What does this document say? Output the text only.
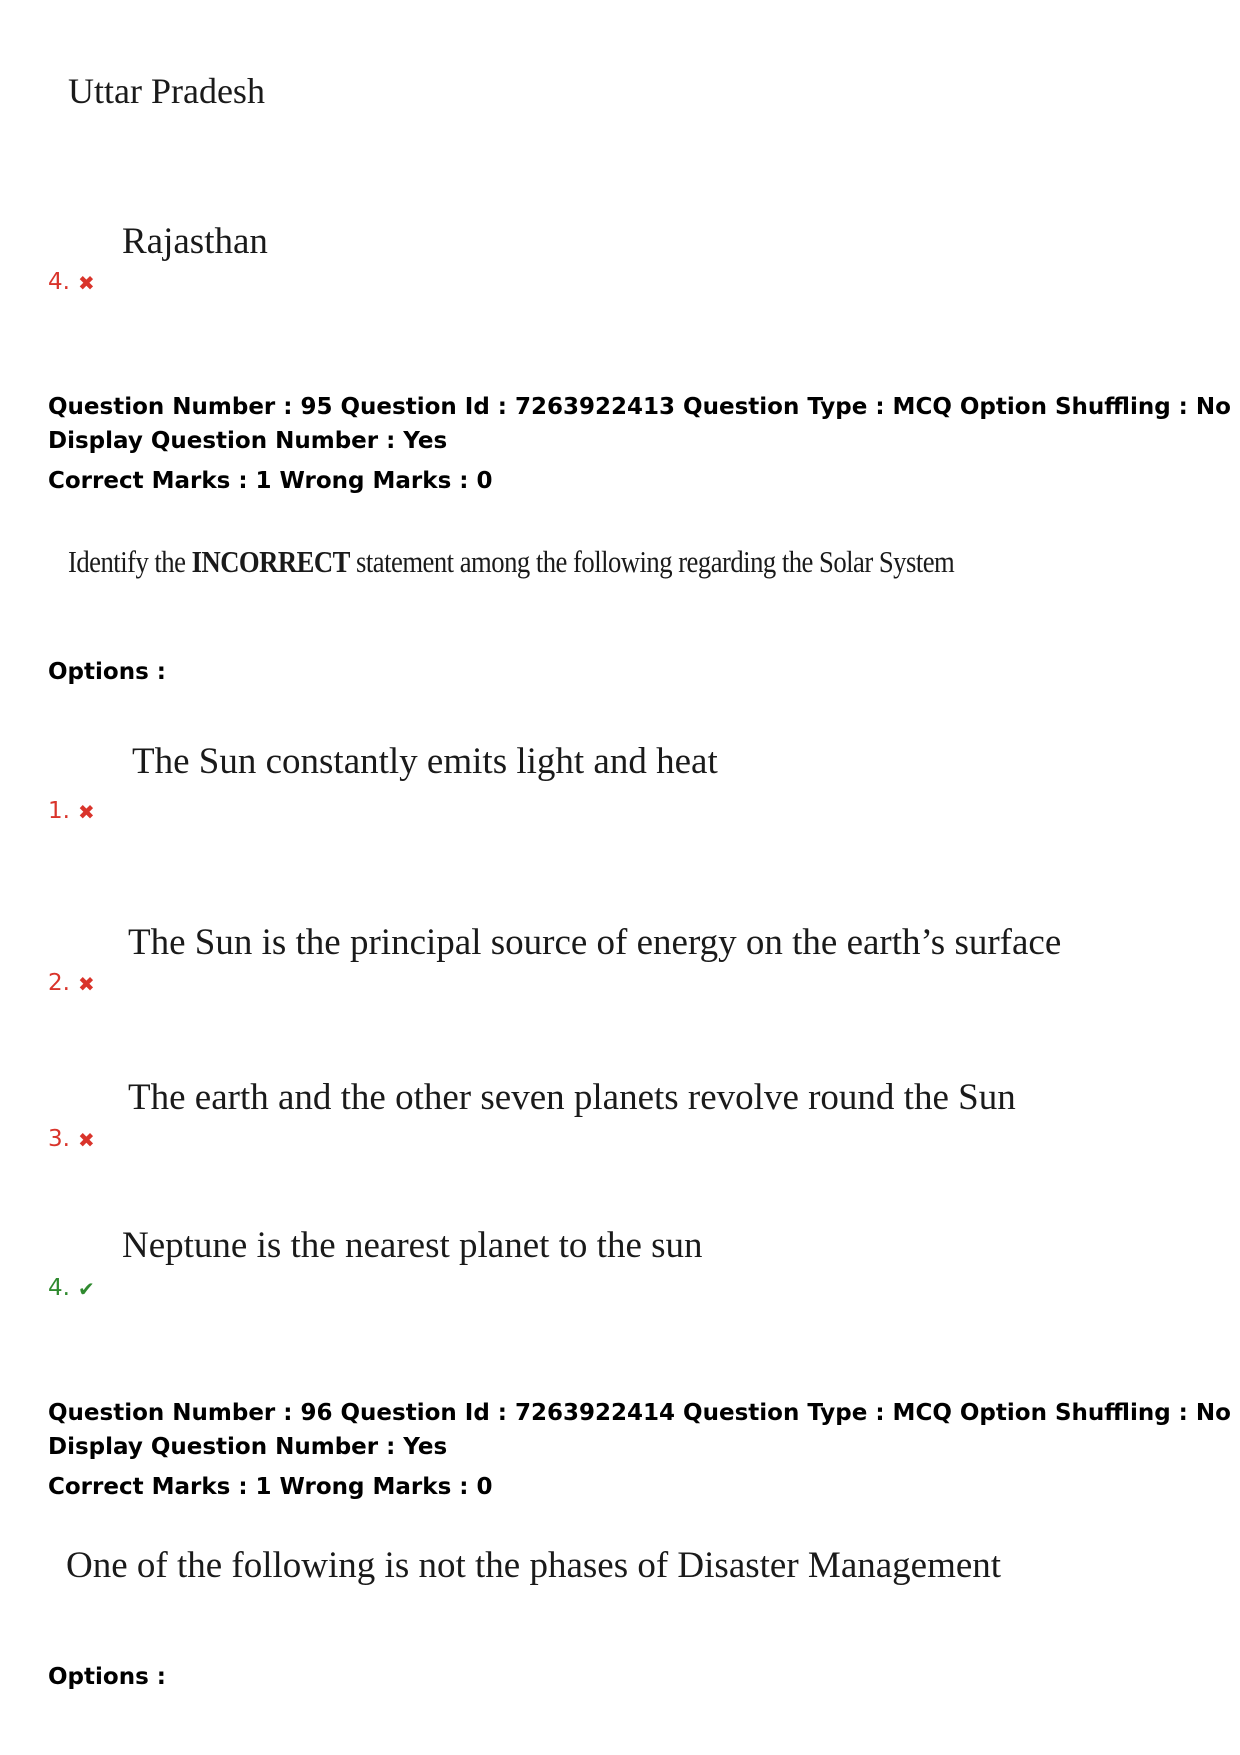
Uttar Pradesh
Rajasthan
4. ✖
Question Number : 95 Question Id : 7263922413 Question Type : MCQ Option Shuffling : No
Display Question Number : Yes
Correct Marks : 1 Wrong Marks : 0
Identify the INCORRECT statement among the following regarding the Solar System
Options :
The Sun constantly emits light and heat
1. ✖
The Sun is the principal source of energy on the earth’s surface
2. ✖
The earth and the other seven planets revolve round the Sun
3. ✖
Neptune is the nearest planet to the sun
4. ✔
Question Number : 96 Question Id : 7263922414 Question Type : MCQ Option Shuffling : No
Display Question Number : Yes
Correct Marks : 1 Wrong Marks : 0
One of the following is not the phases of Disaster Management
Options :
